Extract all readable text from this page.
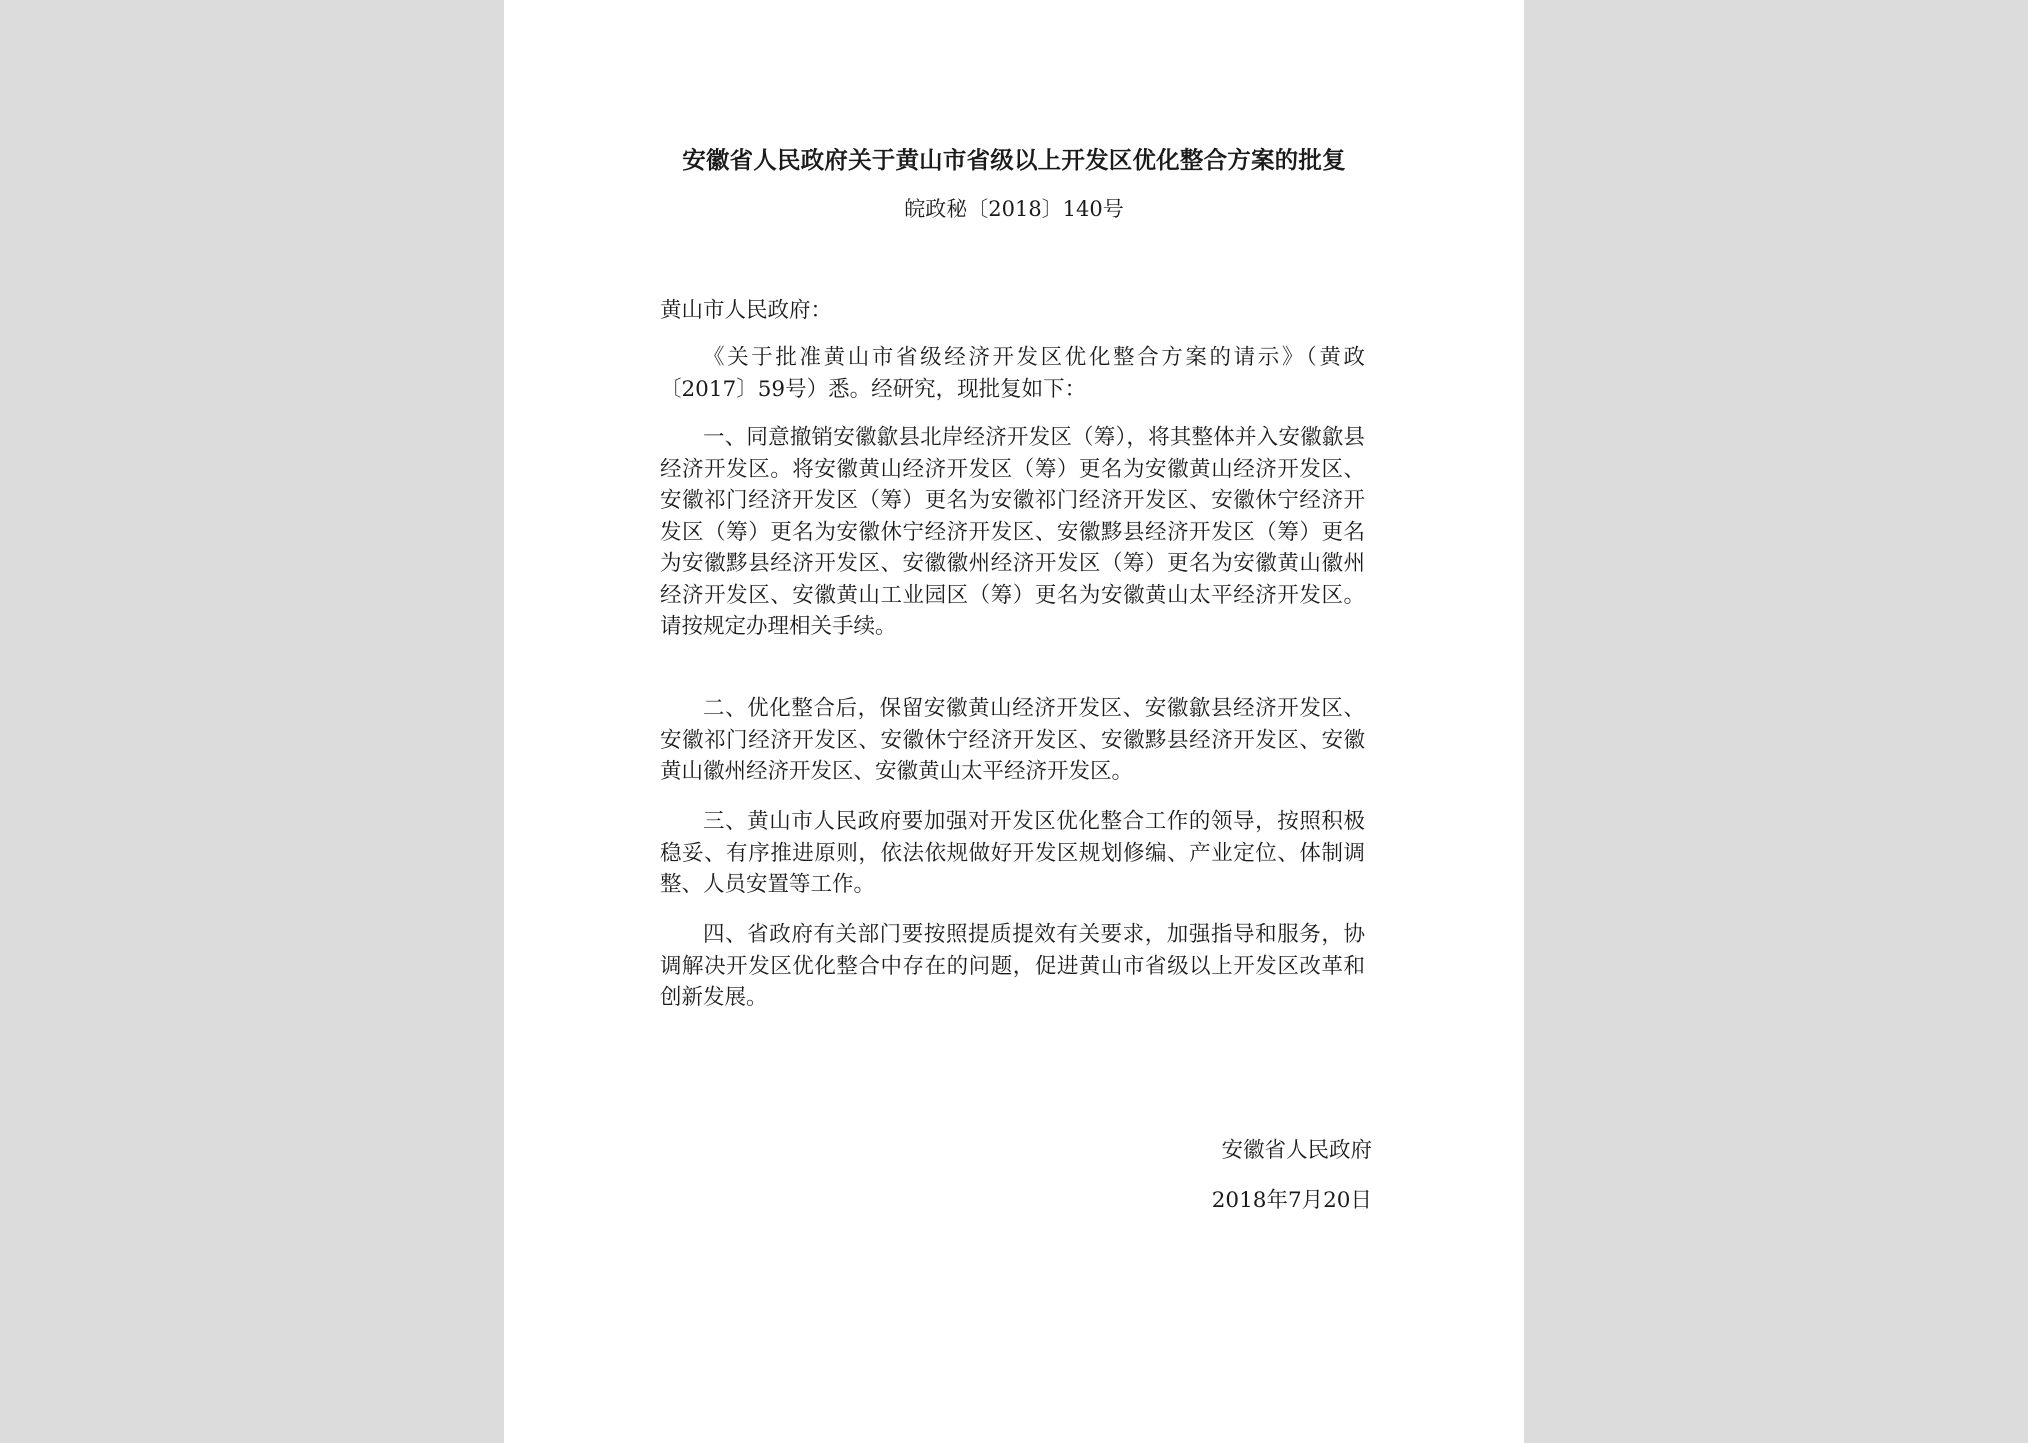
安徽省人民政府关于黄山市省级以上开发区优化整合方案的批复
皖政秘〔2018〕140号
黄山市人民政府：

《关于批准黄山市省级经济开发区优化整合方案的请示》（黄政〔2017〕59号）悉。经研究，现批复如下：

一、同意撤销安徽歙县北岸经济开发区（筹），将其整体并入安徽歙县经济开发区。将安徽黄山经济开发区（筹）更名为安徽黄山经济开发区、安徽祁门经济开发区（筹）更名为安徽祁门经济开发区、安徽休宁经济开发区（筹）更名为安徽休宁经济开发区、安徽黟县经济开发区（筹）更名为安徽黟县经济开发区、安徽徽州经济开发区（筹）更名为安徽黄山徽州经济开发区、安徽黄山工业园区（筹）更名为安徽黄山太平经济开发区。请按规定办理相关手续。

二、优化整合后，保留安徽黄山经济开发区、安徽歙县经济开发区、安徽祁门经济开发区、安徽休宁经济开发区、安徽黟县经济开发区、安徽黄山徽州经济开发区、安徽黄山太平经济开发区。

三、黄山市人民政府要加强对开发区优化整合工作的领导，按照积极稳妥、有序推进原则，依法依规做好开发区规划修编、产业定位、体制调整、人员安置等工作。

四、省政府有关部门要按照提质提效有关要求，加强指导和服务，协调解决开发区优化整合中存在的问题，促进黄山市省级以上开发区改革和创新发展。

安徽省人民政府
2018年7月20日
